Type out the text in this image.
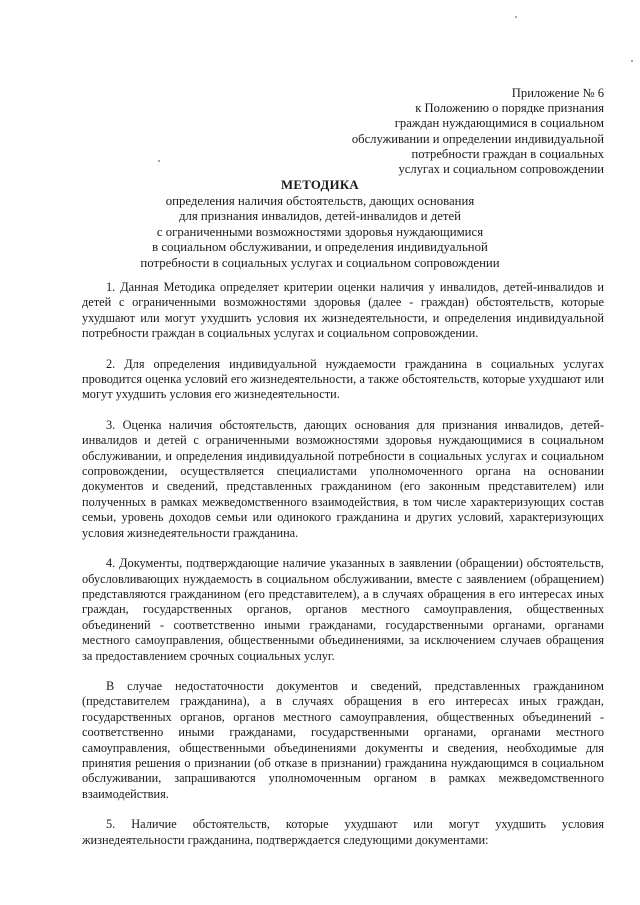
Приложение № 6
к Положению о порядке признания
граждан нуждающимися в социальном
обслуживании и определении индивидуальной
потребности граждан в социальных
услугах и социальном сопровождении
МЕТОДИКА
определения наличия обстоятельств, дающих основания
для признания инвалидов, детей-инвалидов и детей
с ограниченными возможностями здоровья нуждающимися
в социальном обслуживании, и определения индивидуальной
потребности в социальных услугах и социальном сопровождении

1. Данная Методика определяет критерии оценки наличия у инвалидов, детей-инвалидов и детей с ограниченными возможностями здоровья (далее - граждан) обстоятельств, которые ухудшают или могут ухудшить условия их жизнедеятельности, и определения индивидуальной потребности граждан в социальных услугах и социальном сопровождении.

2. Для определения индивидуальной нуждаемости гражданина в социальных услугах проводится оценка условий его жизнедеятельности, а также обстоятельств, которые ухудшают или могут ухудшить условия его жизнедеятельности.

3. Оценка наличия обстоятельств, дающих основания для признания инвалидов, детей-инвалидов и детей с ограниченными возможностями здоровья нуждающимися в социальном обслуживании, и определения индивидуальной потребности в социальных услугах и социальном сопровождении, осуществляется специалистами уполномоченного органа на основании документов и сведений, представленных гражданином (его законным представителем) или полученных в рамках межведомственного взаимодействия, в том числе характеризующих состав семьи, уровень доходов семьи или одинокого гражданина и других условий, характеризующих условия жизнедеятельности гражданина.

4. Документы, подтверждающие наличие указанных в заявлении (обращении) обстоятельств, обусловливающих нуждаемость в социальном обслуживании, вместе с заявлением (обращением) представляются гражданином (его представителем), а в случаях обращения в его интересах иных граждан, государственных органов, органов местного самоуправления, общественных объединений - соответственно иными гражданами, государственными органами, органами местного самоуправления, общественными объединениями, за исключением случаев обращения за предоставлением срочных социальных услуг.

В случае недостаточности документов и сведений, представленных гражданином (представителем гражданина), а в случаях обращения в его интересах иных граждан, государственных органов, органов местного самоуправления, общественных объединений - соответственно иными гражданами, государственными органами, органами местного самоуправления, общественными объединениями документы и сведения, необходимые для принятия решения о признании (об отказе в признании) гражданина нуждающимся в социальном обслуживании, запрашиваются уполномоченным органом в рамках межведомственного взаимодействия.

5. Наличие обстоятельств, которые ухудшают или могут ухудшить условия жизнедеятельности гражданина, подтверждается следующими документами:
